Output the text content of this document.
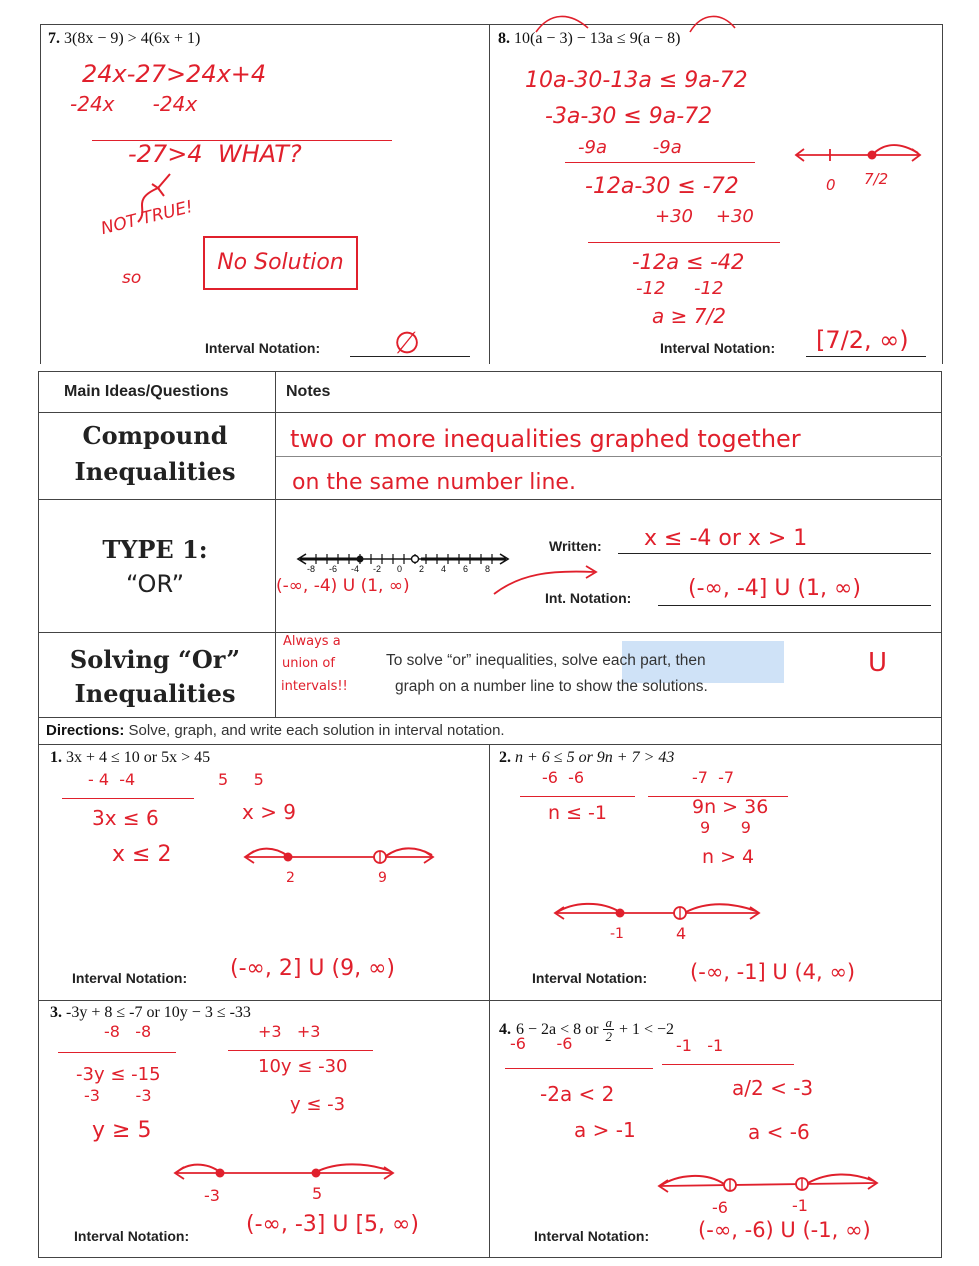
7. 3(8x − 9) > 4(6x + 1)
24x-27>24x+4
-24x      -24x
-27>4  WHAT?
NOT TRUE!
so
No Solution
Interval Notation: ∅
8. 10(a − 3) − 13a ≤ 9(a − 8)
10a-30-13a ≤ 9a-72
-3a-30 ≤ 9a-72
-9a        -9a
-12a-30 ≤ -72
+30    +30
-12a ≤ -42
-12     -12
a ≥ 7/2
0 7/2
Interval Notation: [7/2, ∞)
Main Ideas/Questions	Notes
Compound Inequalities
two or more inequalities graphed together
on the same number line.
TYPE 1:
“OR”
-8 -6 -4 -2 0 2 4 6 8
(-∞, -4) U (1, ∞)
Written: x ≤ -4 or x > 1
Int. Notation:	(-∞, -4] U (1, ∞)
Solving “Or”
Inequalities
Always a
union of
intervals!!
To solve “or” inequalities, solve each part, then
graph on a number line to show the solutions.
U
Directions: Solve, graph, and write each solution in interval notation.
1. 3x + 4 ≤ 10 or 5x > 45
- 4  -4	5     5
3x ≤ 6	x > 9
x ≤ 2
2	9
Interval Notation: (-∞, 2] U (9, ∞)
2. n + 6 ≤ 5 or 9n + 7 > 43
-6  -6	-7  -7
n ≤ -1	9n > 36
9      9
n > 4
-1	4
Interval Notation: (-∞, -1] U (4, ∞)
3. -3y + 8 ≤ -7 or 10y − 3 ≤ -33
-8   -8	+3   +3
10y ≤ -30
-3y ≤ -15
-3       -3	y ≤ -3
y ≥ 5
-3	5
Interval Notation:	(-∞, -3] U [5, ∞)
4. 6 − 2a < 8 or $\frac{a}{2} + 1 < -2$
-6      -6	-1   -1
-2a < 2	a/2 < -3
a > -1	a < -6
-6	-1
Interval Notation: (-∞, -6) U (-1, ∞)
